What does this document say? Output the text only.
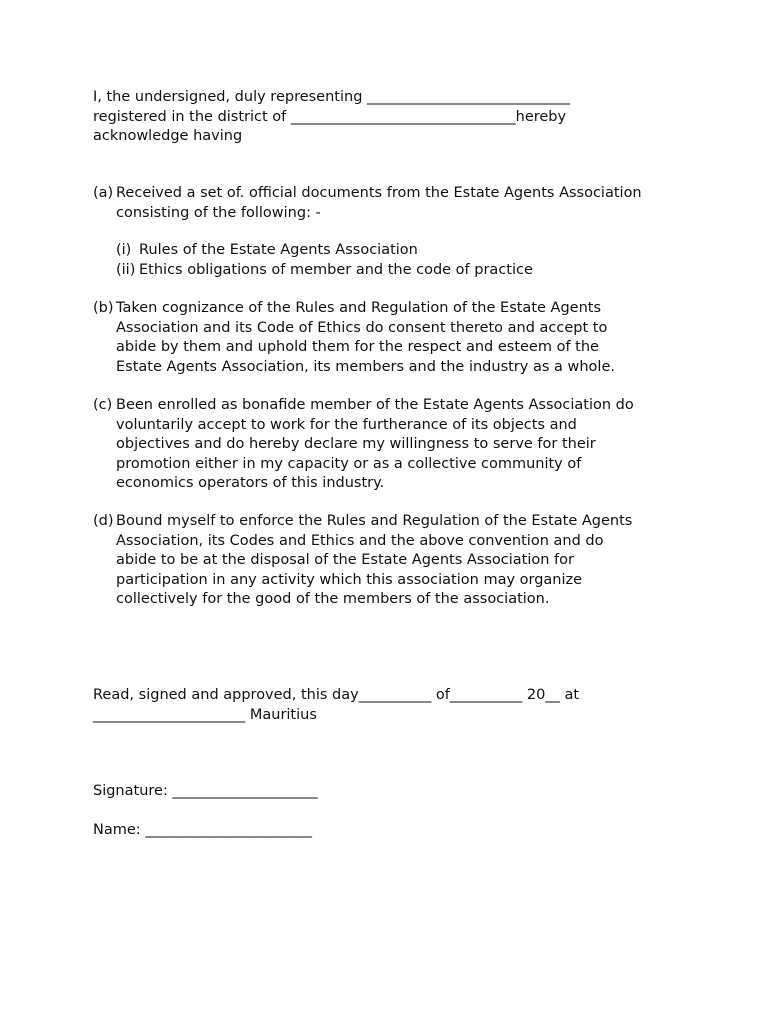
I, the undersigned, duly representing ____________________________

registered in the district of _______________________________hereby

acknowledge having

(a) Received a set of. official documents from the Estate Agents Association

consisting of the following: -

(i) Rules of the Estate Agents Association

(ii) Ethics obligations of member and the code of practice

(b) Taken cognizance of the Rules and Regulation of the Estate Agents

Association and its Code of Ethics do consent thereto and accept to

abide by them and uphold them for the respect and esteem of the

Estate Agents Association, its members and the industry as a whole.

(c) Been enrolled as bonafide member of the Estate Agents Association do

voluntarily accept to work for the furtherance of its objects and

objectives and do hereby declare my willingness to serve for their

promotion either in my capacity or as a collective community of

economics operators of this industry.

(d) Bound myself to enforce the Rules and Regulation of the Estate Agents

Association, its Codes and Ethics and the above convention and do

abide to be at the disposal of the Estate Agents Association for

participation in any activity which this association may organize

collectively for the good of the members of the association.

Read, signed and approved, this day__________ of__________ 20__ at

_____________________ Mauritius

Signature: ____________________

Name: _______________________
